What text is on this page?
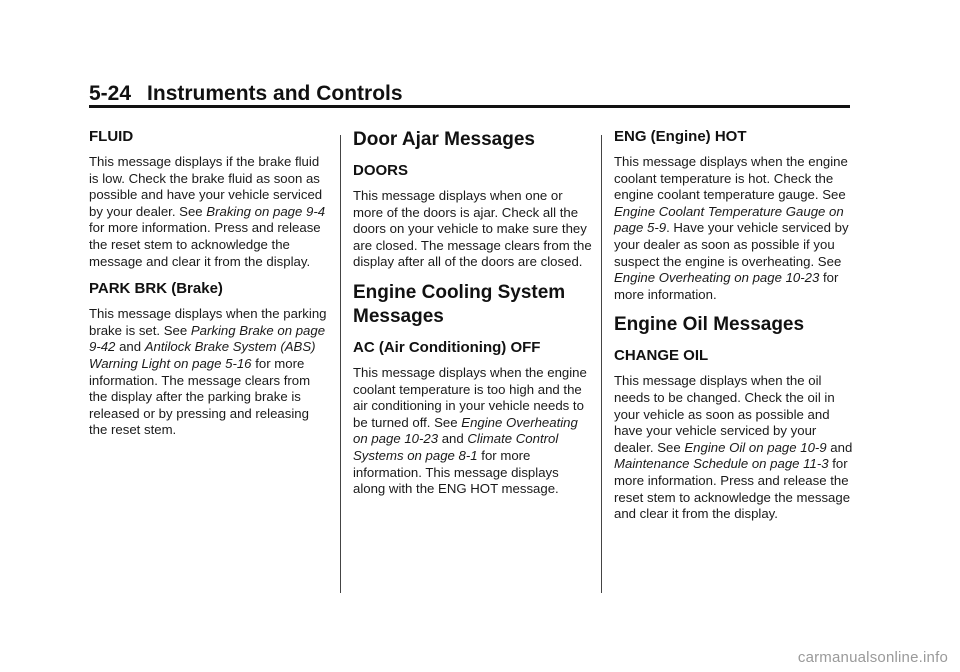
5-24 Instruments and Controls
FLUID

This message displays if the brake fluid is low. Check the brake fluid as soon as possible and have your vehicle serviced by your dealer. See Braking on page 9-4 for more information. Press and release the reset stem to acknowledge the message and clear it from the display.

PARK BRK (Brake)

This message displays when the parking brake is set. See Parking Brake on page 9-42 and Antilock Brake System (ABS) Warning Light on page 5-16 for more information. The message clears from the display after the parking brake is released or by pressing and releasing the reset stem.

Door Ajar Messages
DOORS

This message displays when one or more of the doors is ajar. Check all the doors on your vehicle to make sure they are closed. The message clears from the display after all of the doors are closed.

Engine Cooling System Messages
AC (Air Conditioning) OFF

This message displays when the engine coolant temperature is too high and the air conditioning in your vehicle needs to be turned off. See Engine Overheating on page 10-23 and Climate Control Systems on page 8-1 for more information. This message displays along with the ENG HOT message.

ENG (Engine) HOT

This message displays when the engine coolant temperature is hot. Check the engine coolant temperature gauge. See Engine Coolant Temperature Gauge on page 5-9. Have your vehicle serviced by your dealer as soon as possible if you suspect the engine is overheating. See Engine Overheating on page 10-23 for more information.

Engine Oil Messages
CHANGE OIL

This message displays when the oil needs to be changed. Check the oil in your vehicle as soon as possible and have your vehicle serviced by your dealer. See Engine Oil on page 10-9 and Maintenance Schedule on page 11-3 for more information. Press and release the reset stem to acknowledge the message and clear it from the display.

carmanualsonline.info
